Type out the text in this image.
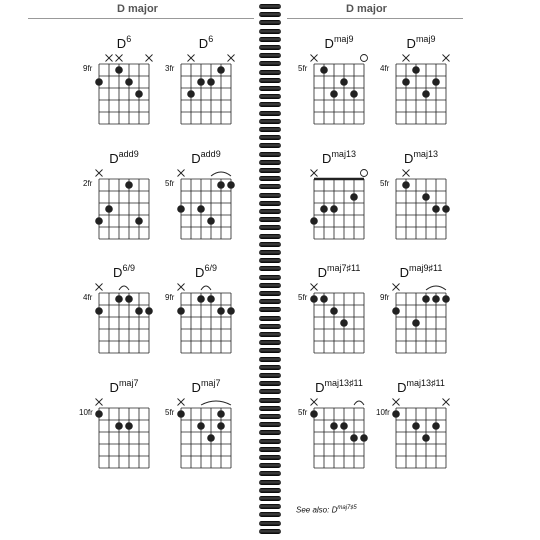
D major	D major
$D^6$
9fr
$D^6$
3fr
$D^{maj9}$
5fr
$D^{maj9}$
4fr
$D^{add9}$
2fr
$D^{add9}$
5fr
$D^{maj13}$	$D^{maj13}$
5fr
$D^{6/9}$
4fr
$D^{6/9}$
9fr
$D^{maj7♯11}$
5fr
$D^{maj9♯11}$
9fr
$D^{maj7}$
10fr
$D^{maj7}$
5fr
$D^{maj13♯11}$
5fr
$D^{maj13♯11}$
10fr
See also: $D^{maj7♯5}$
